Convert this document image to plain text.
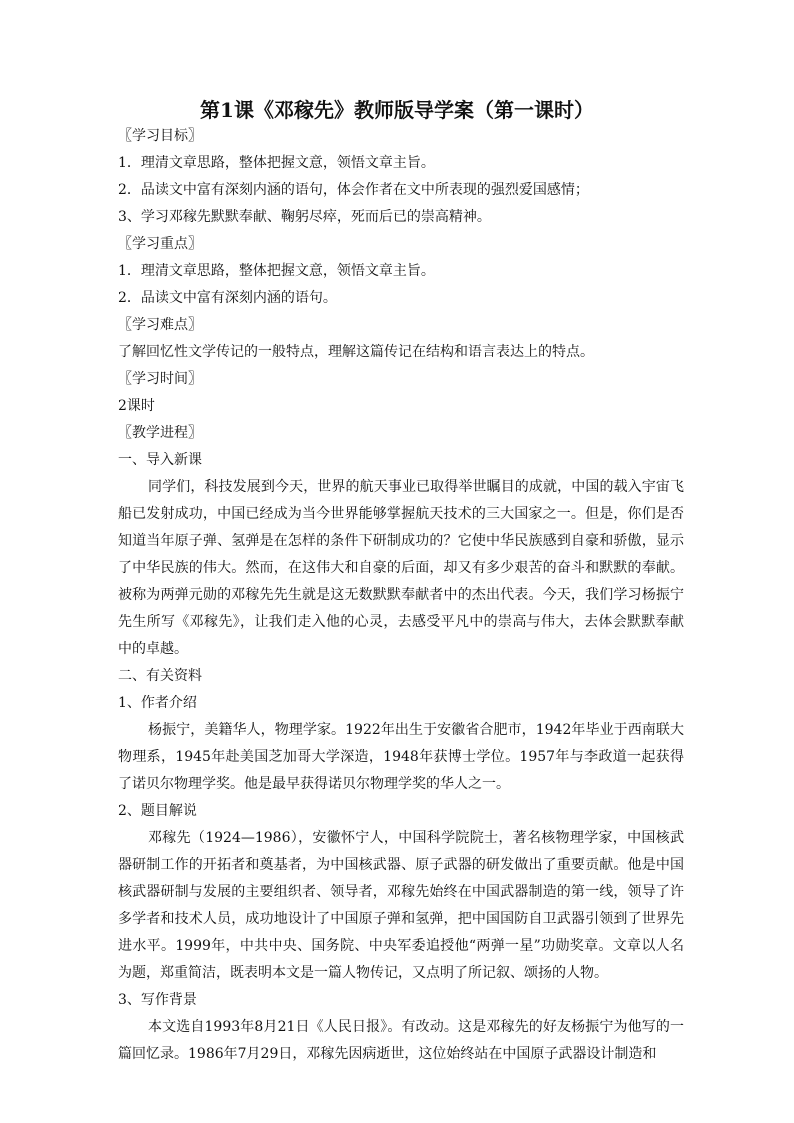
第1课《邓稼先》教师版导学案（第一课时）

〖学习目标〗

1．理清文章思路，整体把握文意，领悟文章主旨。

2．品读文中富有深刻内涵的语句，体会作者在文中所表现的强烈爱国感情；

3、学习邓稼先默默奉献、鞠躬尽瘁，死而后已的崇高精神。

〖学习重点〗

1．理清文章思路，整体把握文意，领悟文章主旨。

2．品读文中富有深刻内涵的语句。

〖学习难点〗

了解回忆性文学传记的一般特点，理解这篇传记在结构和语言表达上的特点。

〖学习时间〗

2课时

〖教学进程〗

一、导入新课

同学们，科技发展到今天，世界的航天事业已取得举世瞩目的成就，中国的载入宇宙飞船已发射成功，中国已经成为当今世界能够掌握航天技术的三大国家之一。但是，你们是否知道当年原子弹、氢弹是在怎样的条件下研制成功的？它使中华民族感到自豪和骄傲，显示了中华民族的伟大。然而，在这伟大和自豪的后面，却又有多少艰苦的奋斗和默默的奉献。被称为两弹元勋的邓稼先先生就是这无数默默奉献者中的杰出代表。今天，我们学习杨振宁先生所写《邓稼先》，让我们走入他的心灵，去感受平凡中的崇高与伟大，去体会默默奉献中的卓越。

二、有关资料

1、作者介绍

杨振宁，美籍华人，物理学家。1922年出生于安徽省合肥市，1942年毕业于西南联大物理系，1945年赴美国芝加哥大学深造，1948年获博士学位。1957年与李政道一起获得了诺贝尔物理学奖。他是最早获得诺贝尔物理学奖的华人之一。

2、题目解说

邓稼先（1924—1986），安徽怀宁人，中国科学院院士，著名核物理学家，中国核武器研制工作的开拓者和奠基者，为中国核武器、原子武器的研发做出了重要贡献。他是中国核武器研制与发展的主要组织者、领导者，邓稼先始终在中国武器制造的第一线，领导了许多学者和技术人员，成功地设计了中国原子弹和氢弹，把中国国防自卫武器引领到了世界先进水平。1999年，中共中央、国务院、中央军委追授他“两弹一星”功勋奖章。文章以人名为题，郑重简洁，既表明本文是一篇人物传记，又点明了所记叙、颂扬的人物。

3、写作背景

本文选自1993年8月21日《人民日报》。有改动。这是邓稼先的好友杨振宁为他写的一篇回忆录。1986年7月29日，邓稼先因病逝世，这位始终站在中国原子武器设计制造和
